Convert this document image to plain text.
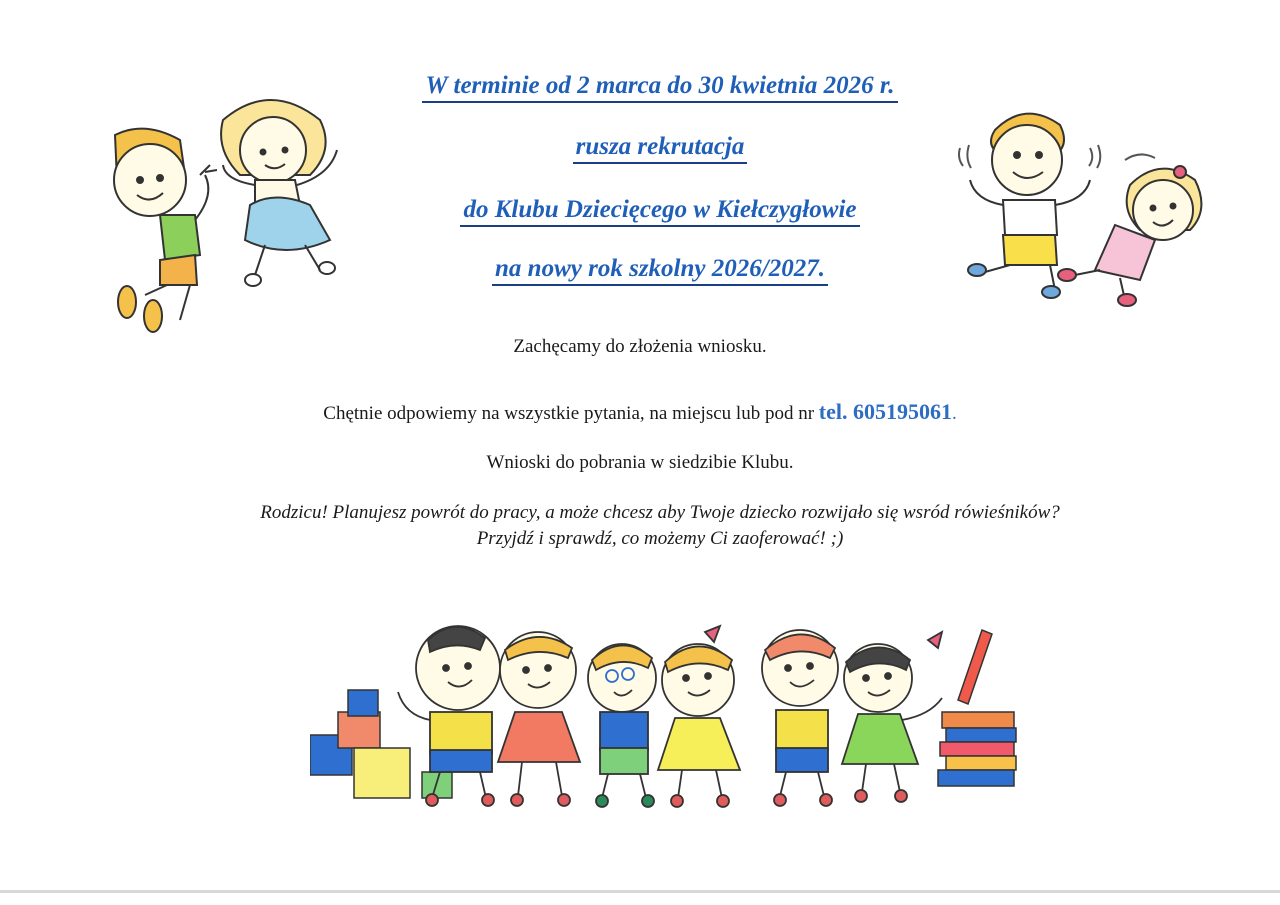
W terminie od 2 marca do 30 kwietnia 2026 r.
rusza rekrutacja
do Klubu Dziecięcego w Kiełczygłowie
na nowy rok szkolny 2026/2027.
Zachęcamy do złożenia wniosku.
Chętnie odpowiemy na wszystkie pytania, na miejscu lub pod nr tel. 605195061.
Wnioski do pobrania w siedzibie Klubu.
Rodzicu! Planujesz powrót do pracy, a może chcesz aby Twoje dziecko rozwijało się wsród rówieśników?
Przyjdź i sprawdź, co możemy Ci zaoferować! ;)
